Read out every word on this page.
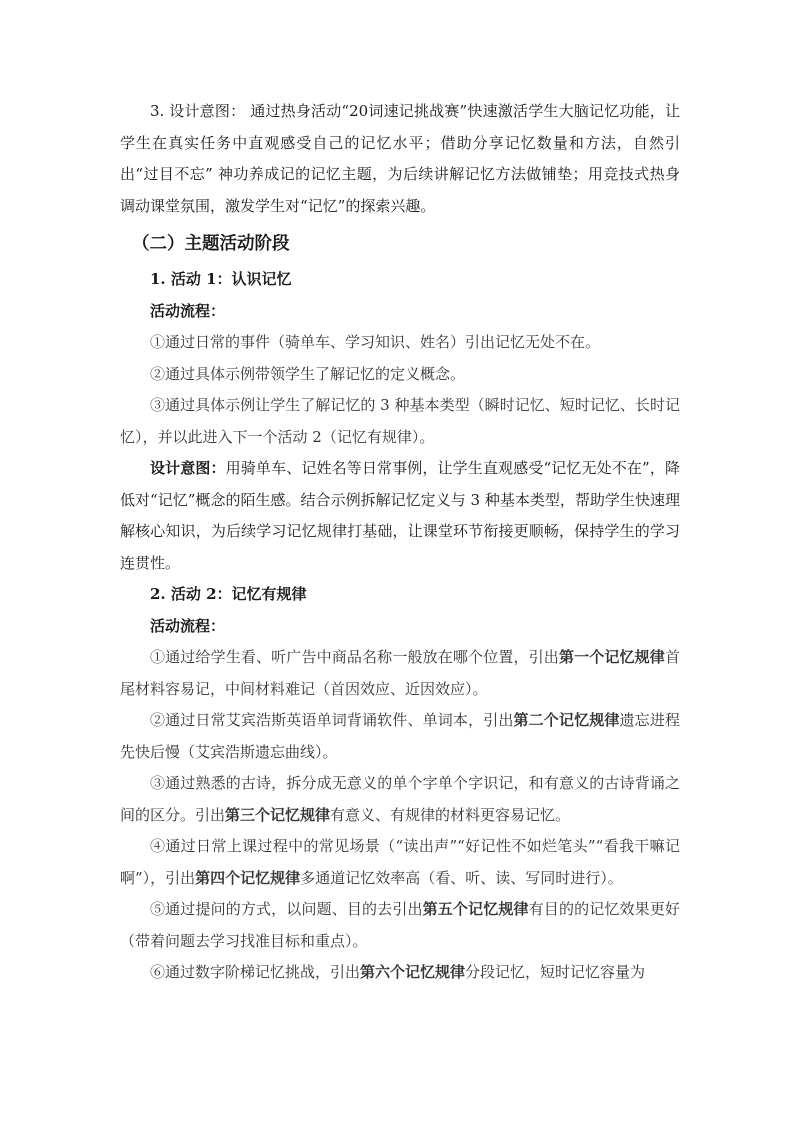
3. 设计意图： 通过热身活动“20词速记挑战赛”快速激活学生大脑记忆功能，让学生在真实任务中直观感受自己的记忆水平；借助分享记忆数量和方法，自然引出“过目不忘” 神功养成记的记忆主题，为后续讲解记忆方法做铺垫；用竞技式热身调动课堂氛围，激发学生对“记忆”的探索兴趣。

（二）主题活动阶段

1. 活动 1：认识记忆

活动流程：

①通过日常的事件（骑单车、学习知识、姓名）引出记忆无处不在。

②通过具体示例带领学生了解记忆的定义概念。

③通过具体示例让学生了解记忆的 3 种基本类型（瞬时记忆、短时记忆、长时记忆），并以此进入下一个活动 2（记忆有规律）。

设计意图：用骑单车、记姓名等日常事例，让学生直观感受“记忆无处不在”，降低对“记忆”概念的陌生感。结合示例拆解记忆定义与 3 种基本类型，帮助学生快速理解核心知识，为后续学习记忆规律打基础，让课堂环节衔接更顺畅，保持学生的学习连贯性。

2. 活动 2：记忆有规律

活动流程：

①通过给学生看、听广告中商品名称一般放在哪个位置，引出第一个记忆规律首尾材料容易记，中间材料难记（首因效应、近因效应）。

②通过日常艾宾浩斯英语单词背诵软件、单词本，引出第二个记忆规律遗忘进程先快后慢（艾宾浩斯遗忘曲线）。

③通过熟悉的古诗，拆分成无意义的单个字单个字识记，和有意义的古诗背诵之间的区分。引出第三个记忆规律有意义、有规律的材料更容易记忆。

④通过日常上课过程中的常见场景（“读出声”“好记性不如烂笔头”“看我干嘛记啊”），引出第四个记忆规律多通道记忆效率高（看、听、读、写同时进行）。

⑤通过提问的方式，以问题、目的去引出第五个记忆规律有目的的记忆效果更好（带着问题去学习找准目标和重点）。

⑥通过数字阶梯记忆挑战，引出第六个记忆规律分段记忆，短时记忆容量为
